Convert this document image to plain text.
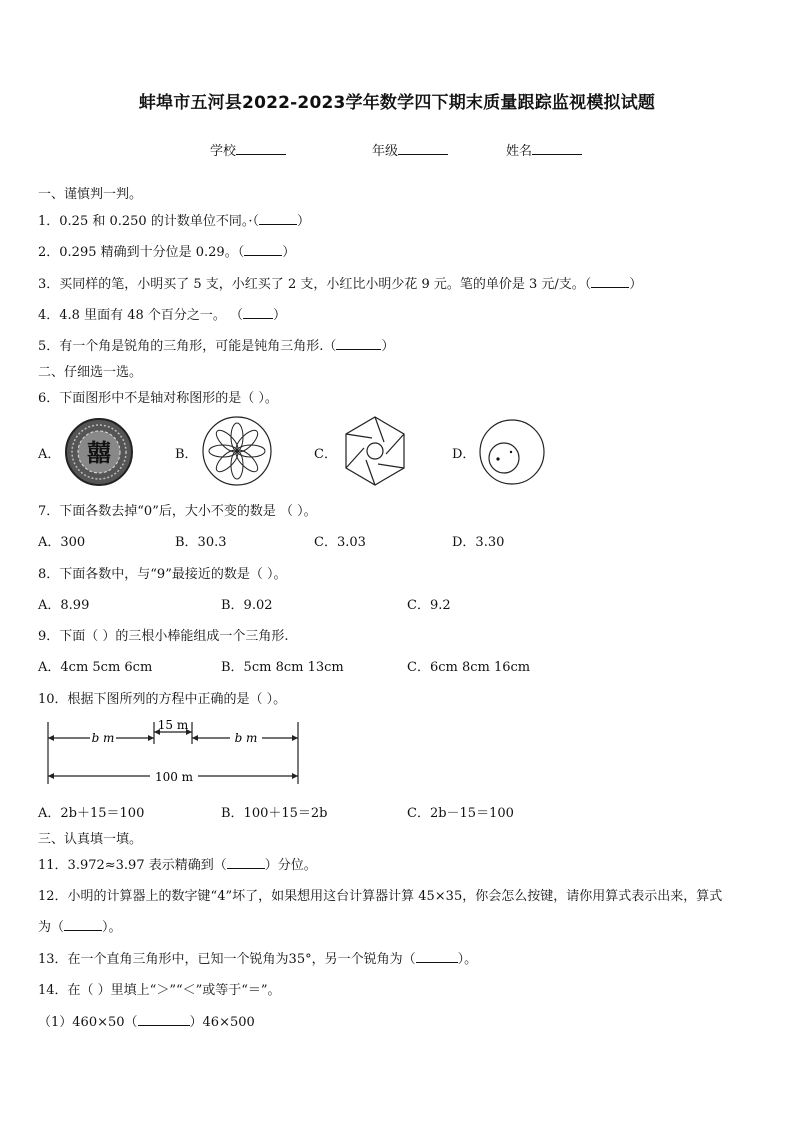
蚌埠市五河县2022-2023学年数学四下期末质量跟踪监视模拟试题
学校	年级	姓名
一、谨慎判一判。
1．0.25 和 0.250 的计数单位不同。·（	）
2．0.295 精确到十分位是 0.29。（	）
3．买同样的笔，小明买了 5 支，小红买了 2 支，小红比小明少花 9 元。笔的单价是 3 元/支。（	）
4．4.8 里面有 48 个百分之一。 （ ）
5．有一个角是锐角的三角形，可能是钝角三角形.（	）
二、仔细选一选。
6．下面图形中不是轴对称图形的是（ ）。
A． 囍	B．	C．	D．
7．下面各数去掉“0”后，大小不变的数是 （ ）。
A．300	B．30.3	C．3.03	D．3.30
8．下面各数中，与“9”最接近的数是（ ）。
A．8.99	B．9.02	C．9.2
9．下面（ ）的三根小棒能组成一个三角形.
A．4cm 5cm 6cm	B．5cm 8cm 13cm	C．6cm 8cm 16cm
10．根据下图所列的方程中正确的是（ ）。
b m
15 m
b m
100 m
A．2b＋15＝100	B．100＋15＝2b	C．2b－15＝100
三、认真填一填。
11．3.972≈3.97 表示精确到（	）分位。
12．小明的计算器上的数字键“4”坏了，如果想用这台计算器计算 45×35，你会怎么按键，请你用算式表示出来，算式
为（	）。
13．在一个直角三角形中，已知一个锐角为35°，另一个锐角为（	）。
14．在（ ）里填上“＞”“＜”或等于“＝”。
（1）460×50（	）46×500
